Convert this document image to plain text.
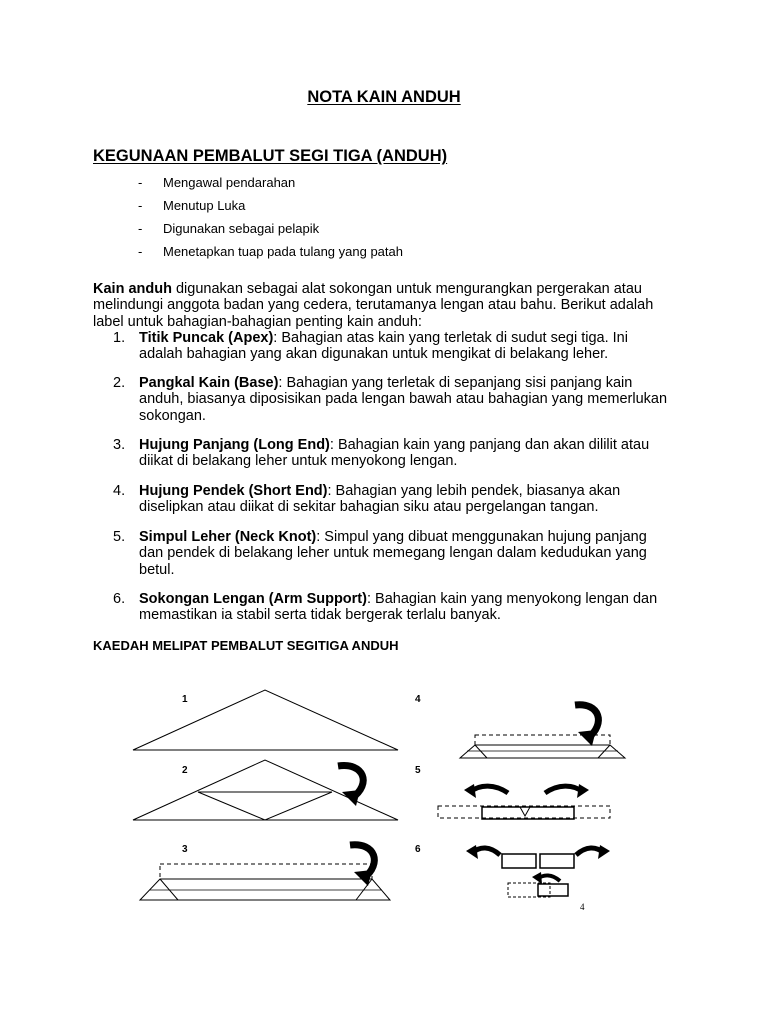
NOTA KAIN ANDUH
KEGUNAAN PEMBALUT SEGI TIGA (ANDUH)
- Mengawal pendarahan
- Menutup Luka
- Digunakan sebagai pelapik
- Menetapkan tuap pada tulang yang patah

Kain anduh digunakan sebagai alat sokongan untuk mengurangkan pergerakan atau melindungi anggota badan yang cedera, terutamanya lengan atau bahu. Berikut adalah label untuk bahagian-bahagian penting kain anduh:

1. Titik Puncak (Apex): Bahagian atas kain yang terletak di sudut segi tiga. Ini adalah bahagian yang akan digunakan untuk mengikat di belakang leher.
2. Pangkal Kain (Base): Bahagian yang terletak di sepanjang sisi panjang kain anduh, biasanya diposisikan pada lengan bawah atau bahagian yang memerlukan sokongan.
3. Hujung Panjang (Long End): Bahagian kain yang panjang dan akan dililit atau diikat di belakang leher untuk menyokong lengan.
4. Hujung Pendek (Short End): Bahagian yang lebih pendek, biasanya akan diselipkan atau diikat di sekitar bahagian siku atau pergelangan tangan.
5. Simpul Leher (Neck Knot): Simpul yang dibuat menggunakan hujung panjang dan pendek di belakang leher untuk memegang lengan dalam kedudukan yang betul.
6. Sokongan Lengan (Arm Support): Bahagian kain yang menyokong lengan dan memastikan ia stabil serta tidak bergerak terlalu banyak.
KAEDAH MELIPAT PEMBALUT SEGITIGA ANDUH
1
2
3
4
5
6
4
